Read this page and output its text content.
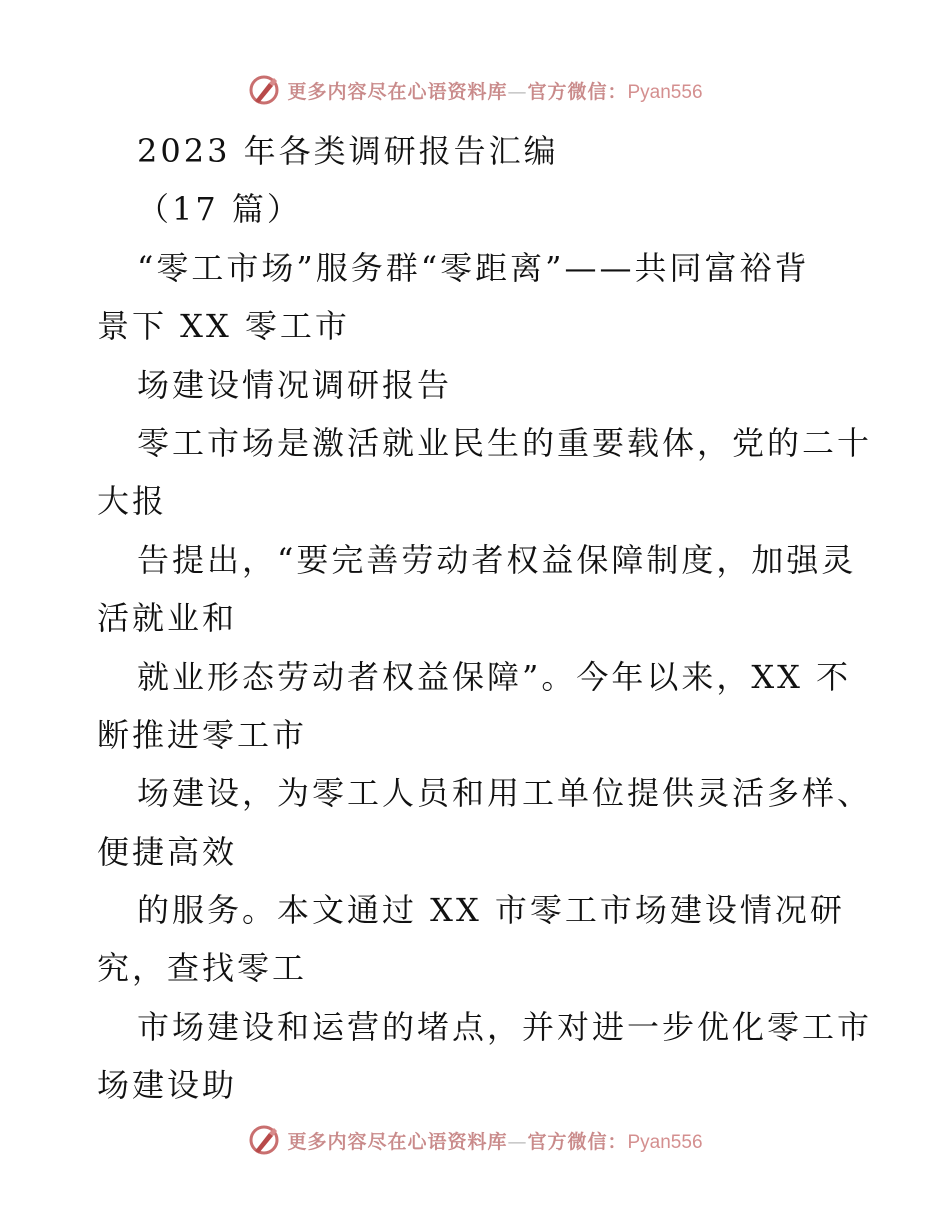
更多内容尽在心语资料库—官方微信：Pyan556
2023 年各类调研报告汇编
（17 篇）
“零工市场”服务群“零距离”——共同富裕背
景下 XX 零工市
场建设情况调研报告
零工市场是激活就业民生的重要载体，党的二十
大报
告提出，“要完善劳动者权益保障制度，加强灵
活就业和
就业形态劳动者权益保障”。今年以来，XX 不
断推进零工市
场建设，为零工人员和用工单位提供灵活多样、
便捷高效
的服务。本文通过 XX 市零工市场建设情况研
究，查找零工
市场建设和运营的堵点，并对进一步优化零工市
场建设助
更多内容尽在心语资料库—官方微信：Pyan556
